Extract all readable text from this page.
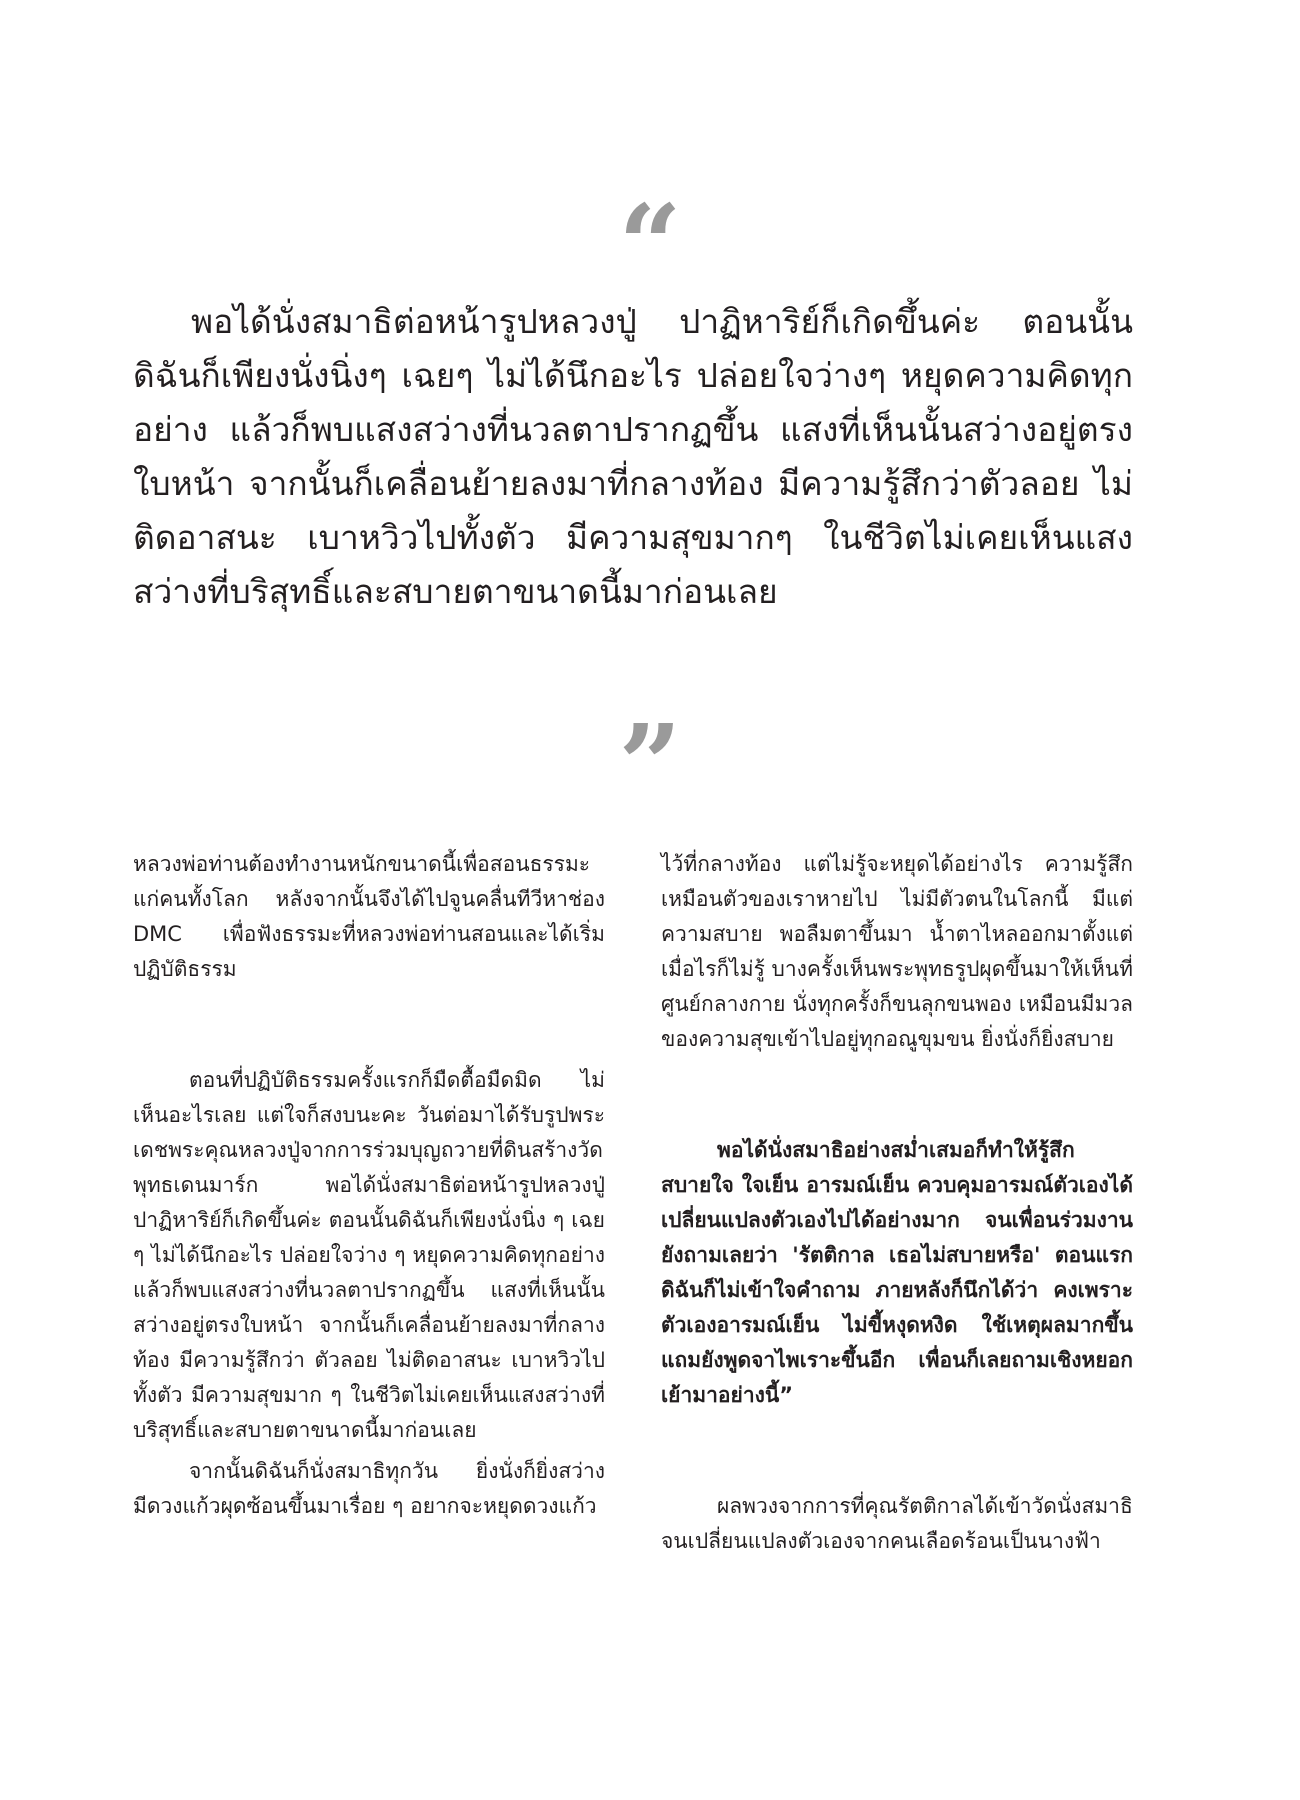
“

พอได้นั่งสมาธิต่อหน้ารูปหลวงปู่ ปาฏิหาริย์ก็เกิดขึ้นค่ะ ตอนนั้นดิฉันก็เพียงนั่งนิ่งๆ เฉยๆ ไม่ได้นึกอะไร ปล่อยใจว่างๆ หยุดความคิดทุกอย่าง แล้วก็พบแสงสว่างที่นวลตาปรากฏขึ้น แสงที่เห็นนั้นสว่างอยู่ตรงใบหน้า จากนั้นก็เคลื่อนย้ายลงมาที่กลางท้อง มีความรู้สึกว่าตัวลอย ไม่ติดอาสนะ เบาหวิวไปทั้งตัว มีความสุขมากๆ ในชีวิตไม่เคยเห็นแสงสว่างที่บริสุทธิ์และสบายตาขนาดนี้มาก่อนเลย

”

หลวงพ่อท่านต้องทำงานหนักขนาดนี้เพื่อสอนธรรมะแก่คนทั้งโลก หลังจากนั้นจึงได้ไปจูนคลื่นทีวีหาช่อง DMC เพื่อฟังธรรมะที่หลวงพ่อท่านสอนและได้เริ่มปฏิบัติธรรม

ตอนที่ปฏิบัติธรรมครั้งแรกก็มืดตื้อมืดมิด ไม่เห็นอะไรเลย แต่ใจก็สงบนะคะ วันต่อมาได้รับรูปพระเดชพระคุณหลวงปู่จากการร่วมบุญถวายที่ดินสร้างวัดพุทธเดนมาร์ก พอได้นั่งสมาธิต่อหน้ารูปหลวงปู่ ปาฏิหาริย์ก็เกิดขึ้นค่ะ ตอนนั้นดิฉันก็เพียงนั่งนิ่ง ๆ เฉย ๆ ไม่ได้นึกอะไร ปล่อยใจว่าง ๆ หยุดความคิดทุกอย่าง แล้วก็พบแสงสว่างที่นวลตาปรากฏขึ้น แสงที่เห็นนั้นสว่างอยู่ตรงใบหน้า จากนั้นก็เคลื่อนย้ายลงมาที่กลางท้อง มีความรู้สึกว่า ตัวลอย ไม่ติดอาสนะ เบาหวิวไปทั้งตัว มีความสุขมาก ๆ ในชีวิตไม่เคยเห็นแสงสว่างที่บริสุทธิ์และสบายตาขนาดนี้มาก่อนเลย

จากนั้นดิฉันก็นั่งสมาธิทุกวัน ยิ่งนั่งก็ยิ่งสว่าง มีดวงแก้วผุดซ้อนขึ้นมาเรื่อย ๆ อยากจะหยุดดวงแก้ว

ไว้ที่กลางท้อง แต่ไม่รู้จะหยุดได้อย่างไร ความรู้สึกเหมือนตัวของเราหายไป ไม่มีตัวตนในโลกนี้ มีแต่ความสบาย พอลืมตาขึ้นมา น้ำตาไหลออกมาตั้งแต่เมื่อไรก็ไม่รู้ บางครั้งเห็นพระพุทธรูปผุดขึ้นมาให้เห็นที่ศูนย์กลางกาย นั่งทุกครั้งก็ขนลุกขนพอง เหมือนมีมวลของความสุขเข้าไปอยู่ทุกอณูขุมขน ยิ่งนั่งก็ยิ่งสบาย

พอได้นั่งสมาธิอย่างสม่ำเสมอก็ทำให้รู้สึกสบายใจ ใจเย็น อารมณ์เย็น ควบคุมอารมณ์ตัวเองได้ เปลี่ยนแปลงตัวเองไปได้อย่างมาก จนเพื่อนร่วมงานยังถามเลยว่า 'รัตติกาล เธอไม่สบายหรือ' ตอนแรกดิฉันก็ไม่เข้าใจคำถาม ภายหลังก็นึกได้ว่า คงเพราะตัวเองอารมณ์เย็น ไม่ขี้หงุดหงิด ใช้เหตุผลมากขึ้น แถมยังพูดจาไพเราะขึ้นอีก เพื่อนก็เลยถามเชิงหยอกเย้ามาอย่างนี้”

ผลพวงจากการที่คุณรัตติกาลได้เข้าวัดนั่งสมาธิจนเปลี่ยนแปลงตัวเองจากคนเลือดร้อนเป็นนางฟ้า
